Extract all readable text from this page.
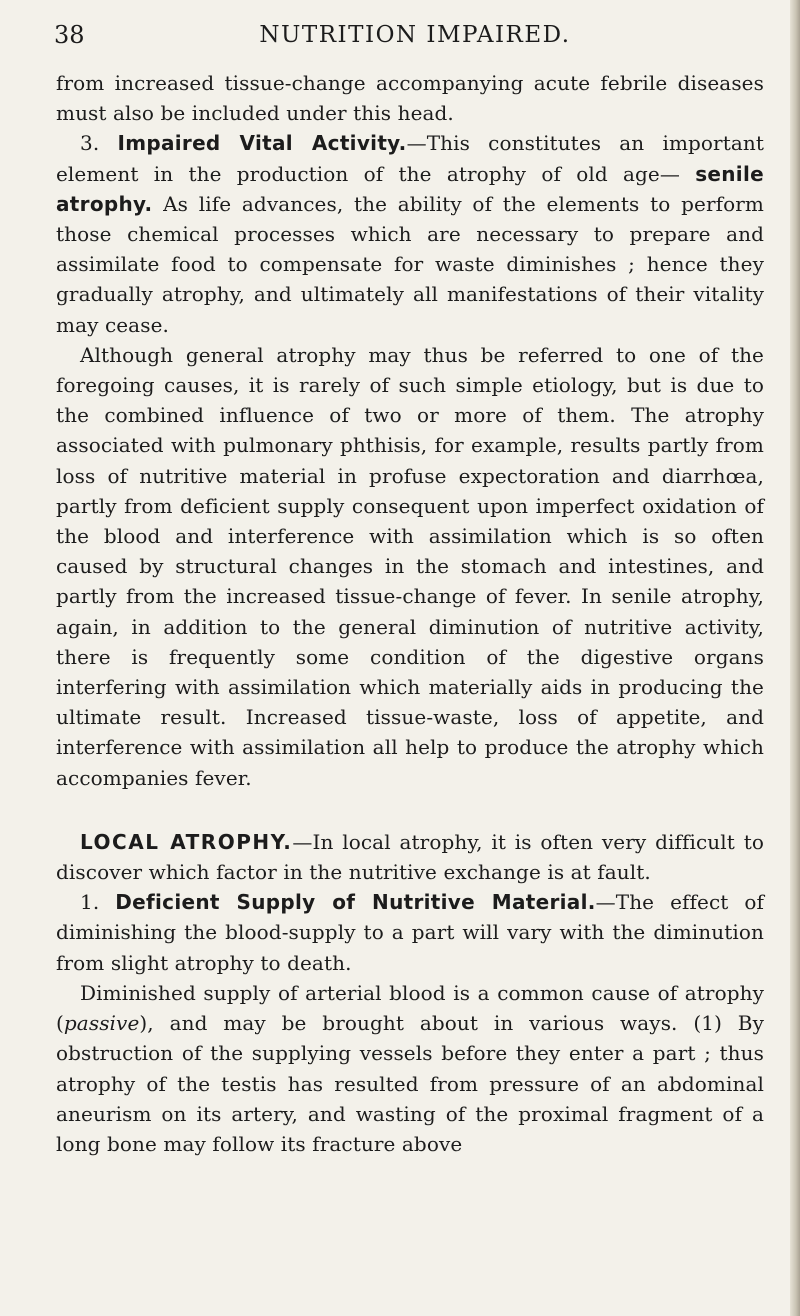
38	NUTRITION IMPAIRED.

from increased tissue-change accompanying acute febrile diseases must also be included under this head.

3. Impaired Vital Activity.—This constitutes an important element in the production of the atrophy of old age— senile atrophy. As life advances, the ability of the elements to perform those chemical processes which are necessary to prepare and assimilate food to compensate for waste diminishes ; hence they gradually atrophy, and ultimately all manifestations of their vitality may cease.

Although general atrophy may thus be referred to one of the foregoing causes, it is rarely of such simple etiology, but is due to the combined influence of two or more of them. The atrophy associated with pulmonary phthisis, for example, results partly from loss of nutritive material in profuse expectoration and diarrhœa, partly from deficient supply consequent upon imperfect oxidation of the blood and interference with assimilation which is so often caused by structural changes in the stomach and intestines, and partly from the increased tissue-change of fever. In senile atrophy, again, in addition to the general diminution of nutritive activity, there is frequently some condition of the digestive organs interfering with assimilation which materially aids in producing the ultimate result. Increased tissue-waste, loss of appetite, and interference with assimilation all help to produce the atrophy which accompanies fever.

LOCAL ATROPHY.—In local atrophy, it is often very difficult to discover which factor in the nutritive exchange is at fault.

1. Deficient Supply of Nutritive Material.—The effect of diminishing the blood-supply to a part will vary with the diminution from slight atrophy to death.

Diminished supply of arterial blood is a common cause of atrophy (passive), and may be brought about in various ways. (1) By obstruction of the supplying vessels before they enter a part ; thus atrophy of the testis has resulted from pressure of an abdominal aneurism on its artery, and wasting of the proximal fragment of a long bone may follow its fracture above
